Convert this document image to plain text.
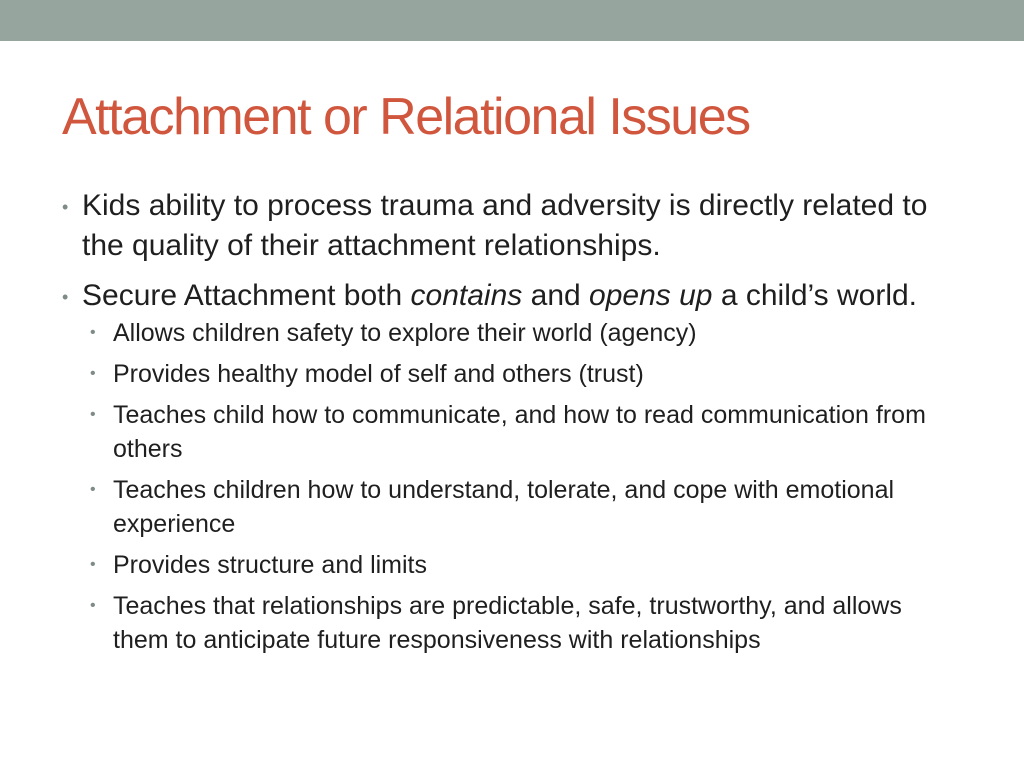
Attachment or Relational Issues
• Kids ability to process trauma and adversity is directly related to the quality of their attachment relationships.
• Secure Attachment both contains and opens up a child’s world.
• Allows children safety to explore their world (agency)
• Provides healthy model of self and others (trust)
• Teaches child how to communicate, and how to read communication from others
• Teaches children how to understand, tolerate, and cope with emotional experience
• Provides structure and limits
• Teaches that relationships are predictable, safe, trustworthy, and allows them to anticipate future responsiveness with relationships
